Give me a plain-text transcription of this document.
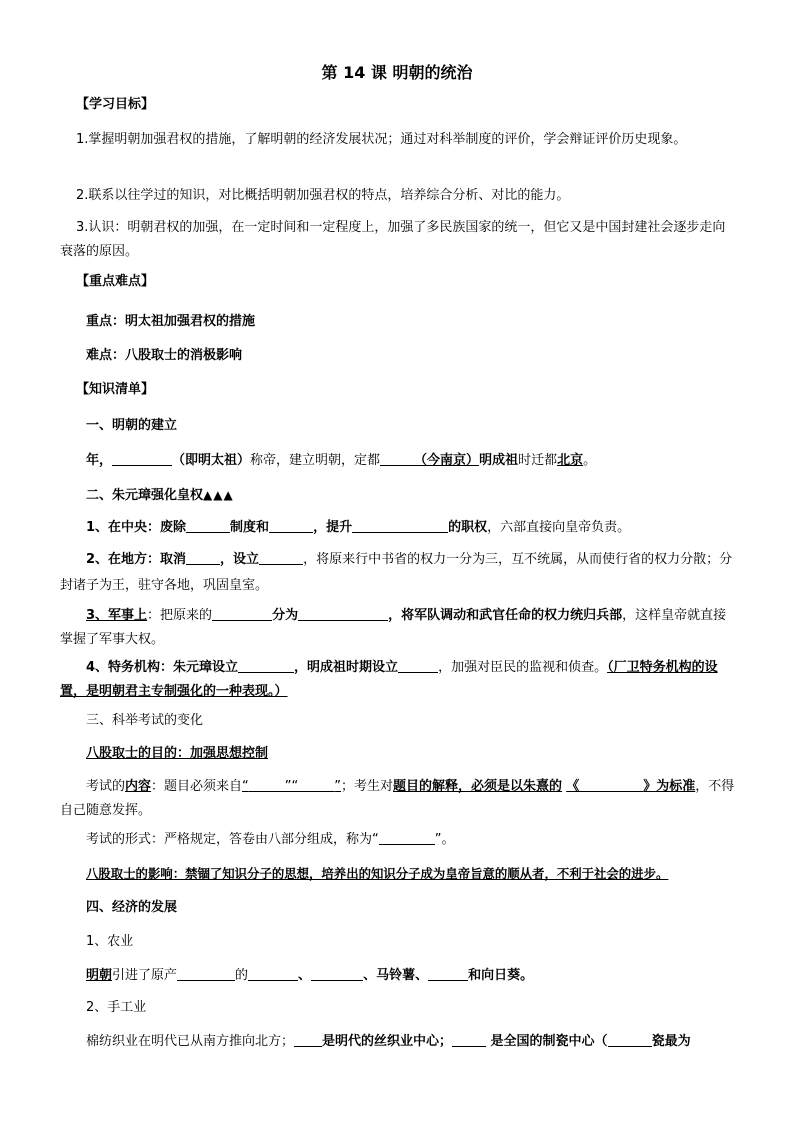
第 14 课 明朝的统治
【学习目标】
1.掌握明朝加强君权的措施，了解明朝的经济发展状况；通过对科举制度的评价，学会辩证评价历史现象。
2.联系以往学过的知识，对比概括明朝加强君权的特点，培养综合分析、对比的能力。
3.认识：明朝君权的加强，在一定时间和一定程度上，加强了多民族国家的统一，但它又是中国封建社会逐步走向衰落的原因。
【重点难点】
重点：明太祖加强君权的措施
难点：八股取士的消极影响
【知识清单】
一、明朝的建立
年，	（即明太祖）称帝，建立明朝，定都	（今南京）明成祖时迁都北京。
二、朱元璋强化皇权▲▲▲
1、在中央：废除	制度和	，提升	的职权，六部直接向皇帝负责。
2、在地方：取消	，设立	，将原来行中书省的权力一分为三，互不统属，从而使行省的权力分散；分封诸子为王，驻守各地，巩固皇室。
3、军事上：把原来的	分为	，将军队调动和武官任命的权力统归兵部，这样皇帝就直接掌握了军事大权。
4、特务机构：朱元璋设立	，明成祖时期设立	，加强对臣民的监视和侦查。（厂卫特务机构的设置，是明朝君主专制强化的一种表现。）
三、科举考试的变化
八股取士的目的：加强思想控制
考试的内容：题目必须来自“	”“	”；考生对题目的解释，必须是以朱熹的 《	》为标准，不得自己随意发挥。
考试的形式：严格规定，答卷由八部分组成，称为“	”。
八股取士的影响：禁锢了知识分子的思想，培养出的知识分子成为皇帝旨意的顺从者，不利于社会的进步。
四、经济的发展
1、农业
明朝引进了原产	的	、	、马铃薯、	和向日葵。
2、手工业
棉纺织业在明代已从南方推向北方； 是明代的丝织业中心；	是全国的制瓷中心（	瓷最为
